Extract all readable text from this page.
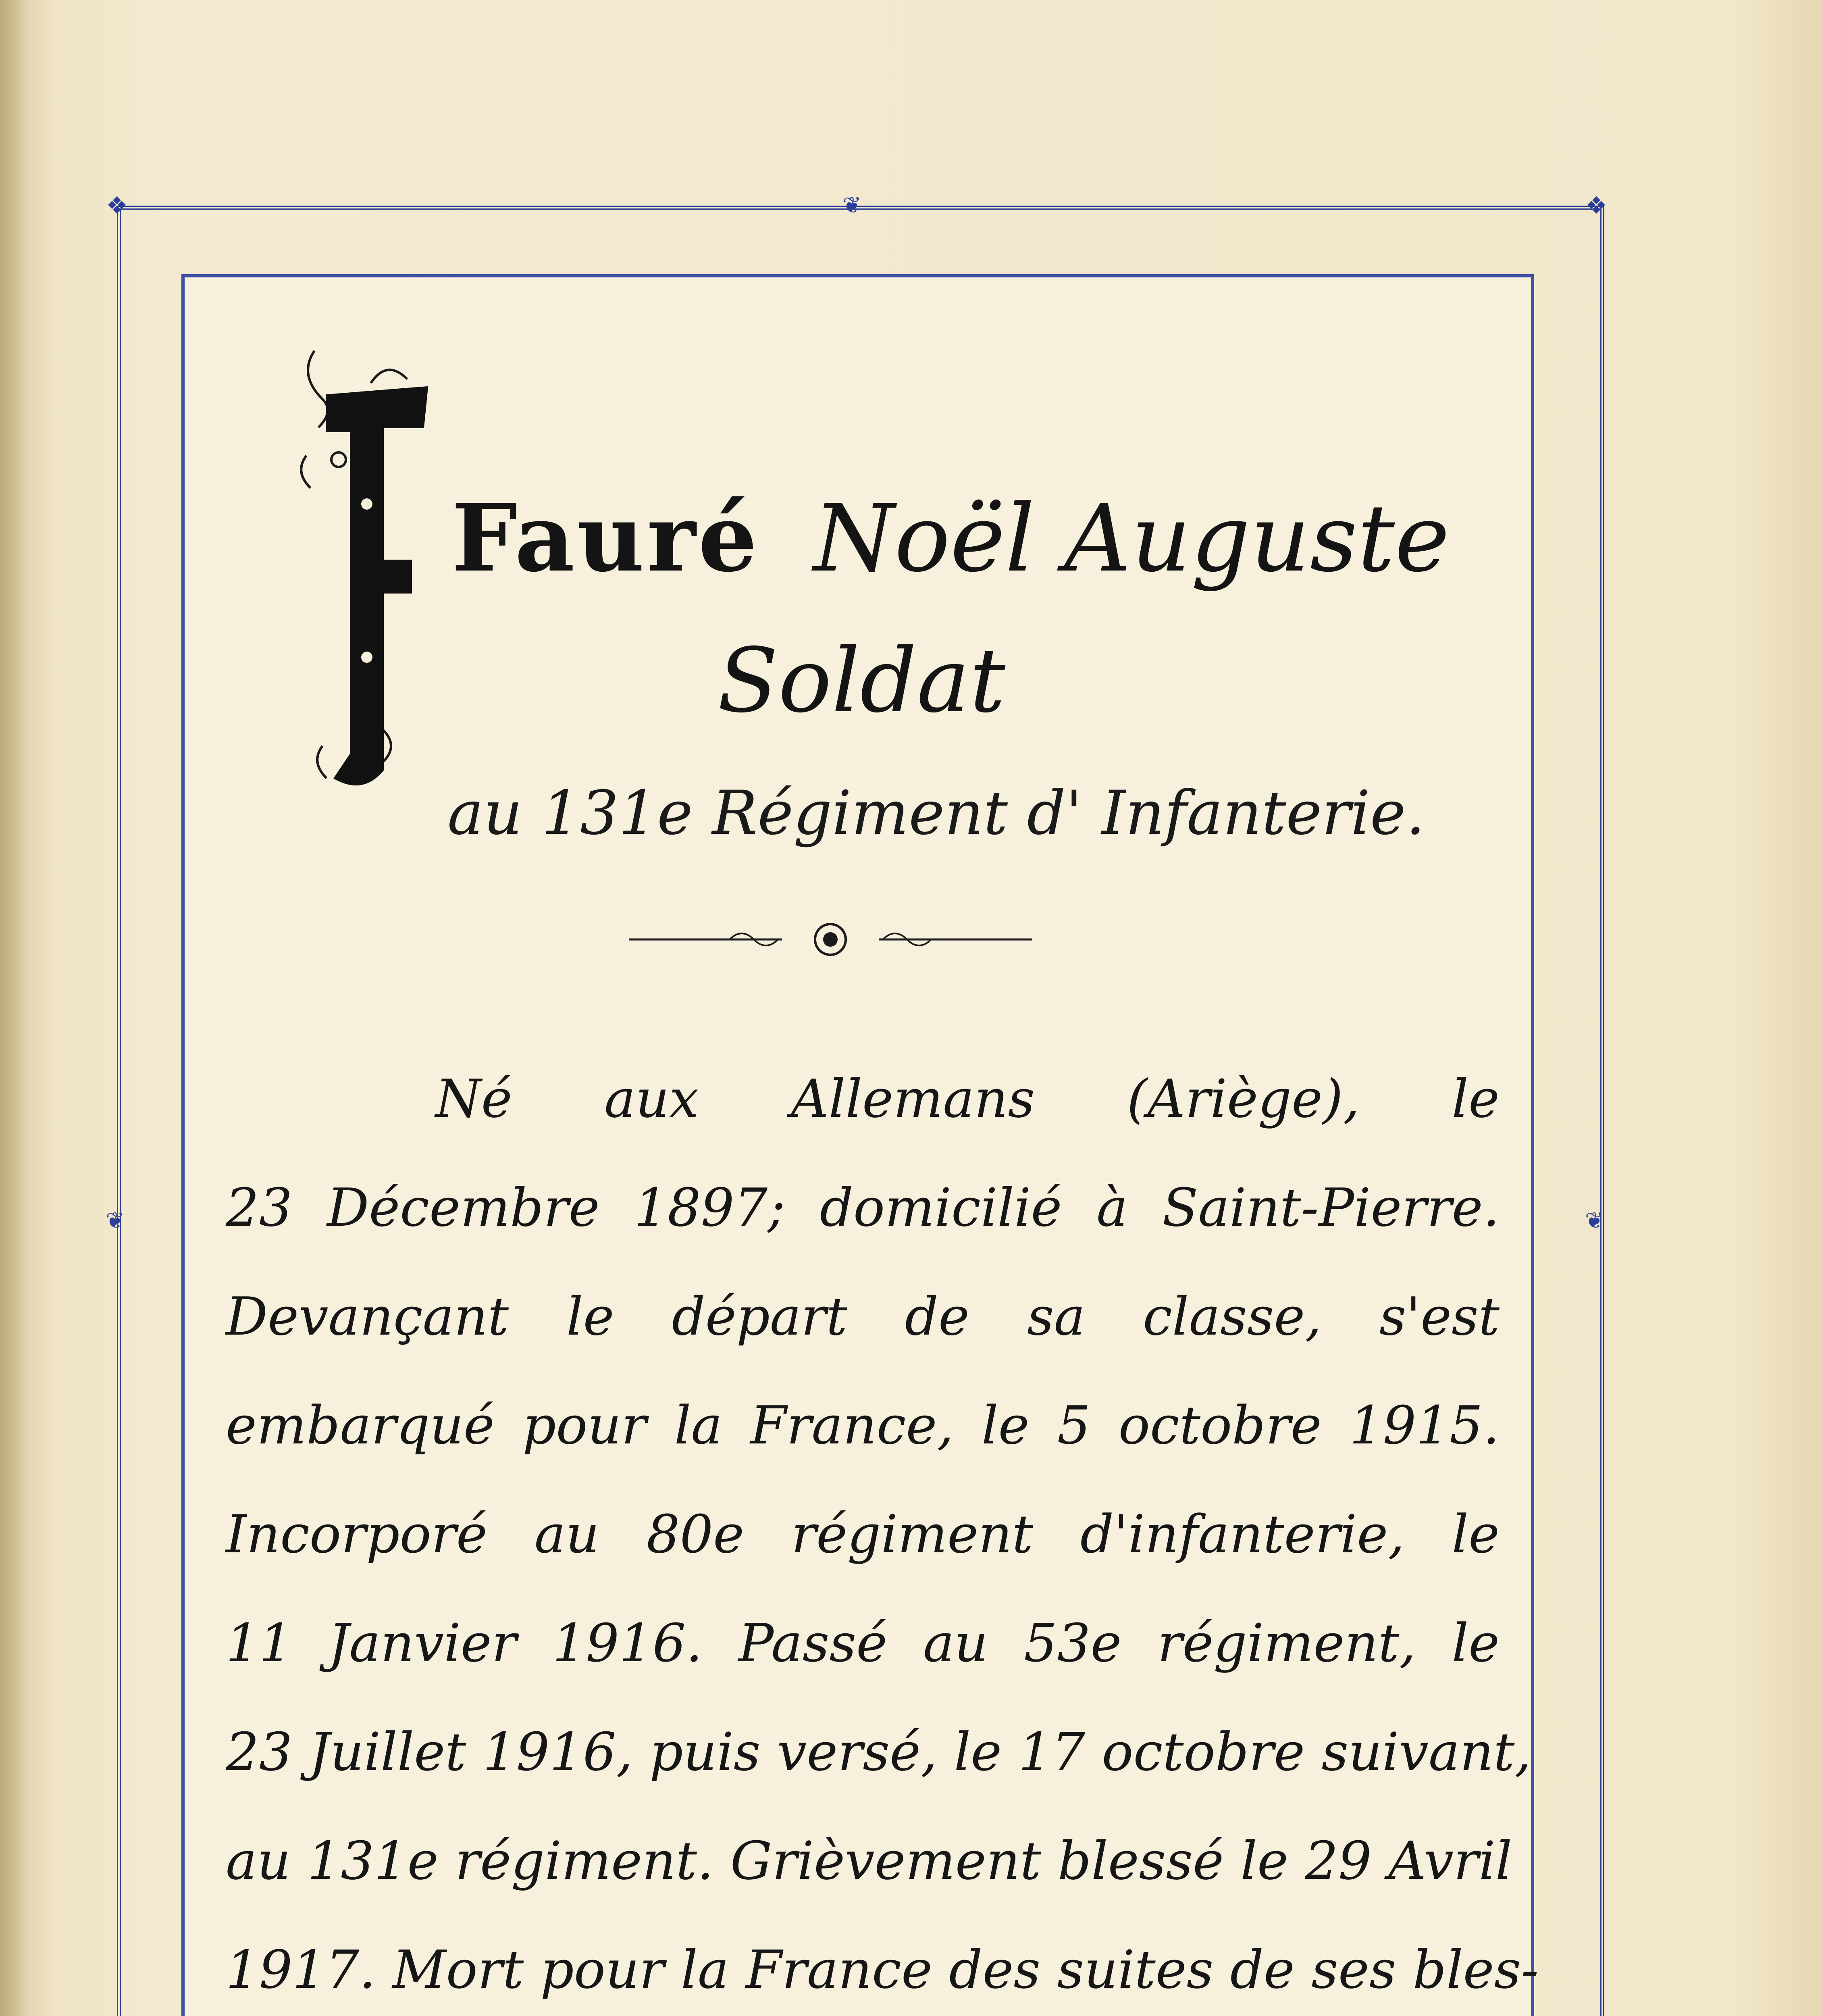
❖	❖
❦
❦	❦
Fauré Noël Auguste
Soldat
au 131e Régiment d' Infanterie.
Né aux Allemans (Ariège), le
23 Décembre 1897; domicilié à Saint-Pierre.
Devançant le départ de sa classe, s'est
embarqué pour la France, le 5 octobre 1915.
Incorporé au 80e régiment d'infanterie, le
11 Janvier 1916. Passé au 53e régiment, le
23 Juillet 1916, puis versé, le 17 octobre suivant,
au 131e régiment. Grièvement blessé le 29 Avril
1917. Mort pour la France des suites de ses bles-
